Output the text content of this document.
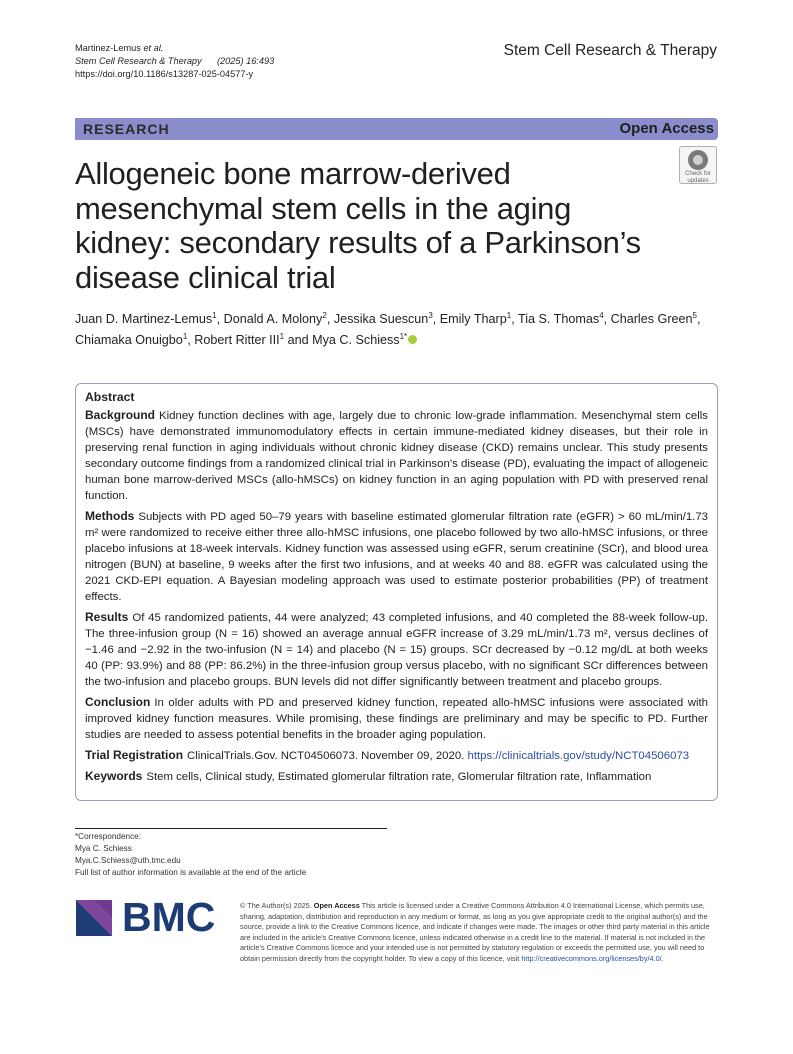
Martinez-Lemus et al.
Stem Cell Research & Therapy (2025) 16:493
https://doi.org/10.1186/s13287-025-04577-y
Stem Cell Research & Therapy
RESEARCH	Open Access
Check for
updates
Allogeneic bone marrow-derived mesenchymal stem cells in the aging kidney: secondary results of a Parkinson’s disease clinical trial
Juan D. Martinez-Lemus$^1$, Donald A. Molony$^2$, Jessika Suescun$^3$, Emily Tharp$^1$, Tia S. Thomas$^4$, Charles Green$^5$, Chiamaka Onuigbo$^1$, Robert Ritter III$^1$ and Mya C. Schiess$^{1*}$
Abstract

Background Kidney function declines with age, largely due to chronic low-grade inflammation. Mesenchymal stem cells (MSCs) have demonstrated immunomodulatory effects in certain immune-mediated kidney diseases, but their role in preserving renal function in aging individuals without chronic kidney disease (CKD) remains unclear. This study presents secondary outcome findings from a randomized clinical trial in Parkinson’s disease (PD), evaluating the impact of allogeneic human bone marrow-derived MSCs (allo-hMSCs) on kidney function in an aging population with PD with preserved renal function.

Methods Subjects with PD aged 50–79 years with baseline estimated glomerular filtration rate (eGFR) > 60 mL/min/1.73 m² were randomized to receive either three allo-hMSC infusions, one placebo followed by two allo-hMSC infusions, or three placebo infusions at 18-week intervals. Kidney function was assessed using eGFR, serum creatinine (SCr), and blood urea nitrogen (BUN) at baseline, 9 weeks after the first two infusions, and at weeks 40 and 88. eGFR was calculated using the 2021 CKD-EPI equation. A Bayesian modeling approach was used to estimate posterior probabilities (PP) of treatment effects.

Results Of 45 randomized patients, 44 were analyzed; 43 completed infusions, and 40 completed the 88-week follow-up. The three-infusion group (N = 16) showed an average annual eGFR increase of 3.29 mL/min/1.73 m², versus declines of −1.46 and −2.92 in the two-infusion (N = 14) and placebo (N = 15) groups. SCr decreased by −0.12 mg/dL at both weeks 40 (PP: 93.9%) and 88 (PP: 86.2%) in the three-infusion group versus placebo, with no significant SCr differences between the two-infusion and placebo groups. BUN levels did not differ significantly between treatment and placebo groups.

Conclusion In older adults with PD and preserved kidney function, repeated allo-hMSC infusions were associated with improved kidney function measures. While promising, these findings are preliminary and may be specific to PD. Further studies are needed to assess potential benefits in the broader aging population.

Trial Registration ClinicalTrials.Gov. NCT04506073. November 09, 2020. https://clinicaltrials.gov/study/NCT04506073

Keywords Stem cells, Clinical study, Estimated glomerular filtration rate, Glomerular filtration rate, Inflammation

*Correspondence:
Mya C. Schiess
Mya.C.Schiess@uth.tmc.edu
Full list of author information is available at the end of the article
BMC	© The Author(s) 2025. Open Access This article is licensed under a Creative Commons Attribution 4.0 International License, which permits use, sharing, adaptation, distribution and reproduction in any medium or format, as long as you give appropriate credit to the original author(s) and the source, provide a link to the Creative Commons licence, and indicate if changes were made. The images or other third party material in this article are included in the article’s Creative Commons licence, unless indicated otherwise in a credit line to the material. If material is not included in the article’s Creative Commons licence and your intended use is not permitted by statutory regulation or exceeds the permitted use, you will need to obtain permission directly from the copyright holder. To view a copy of this licence, visit http://creativecommons.org/licenses/by/4.0/.
